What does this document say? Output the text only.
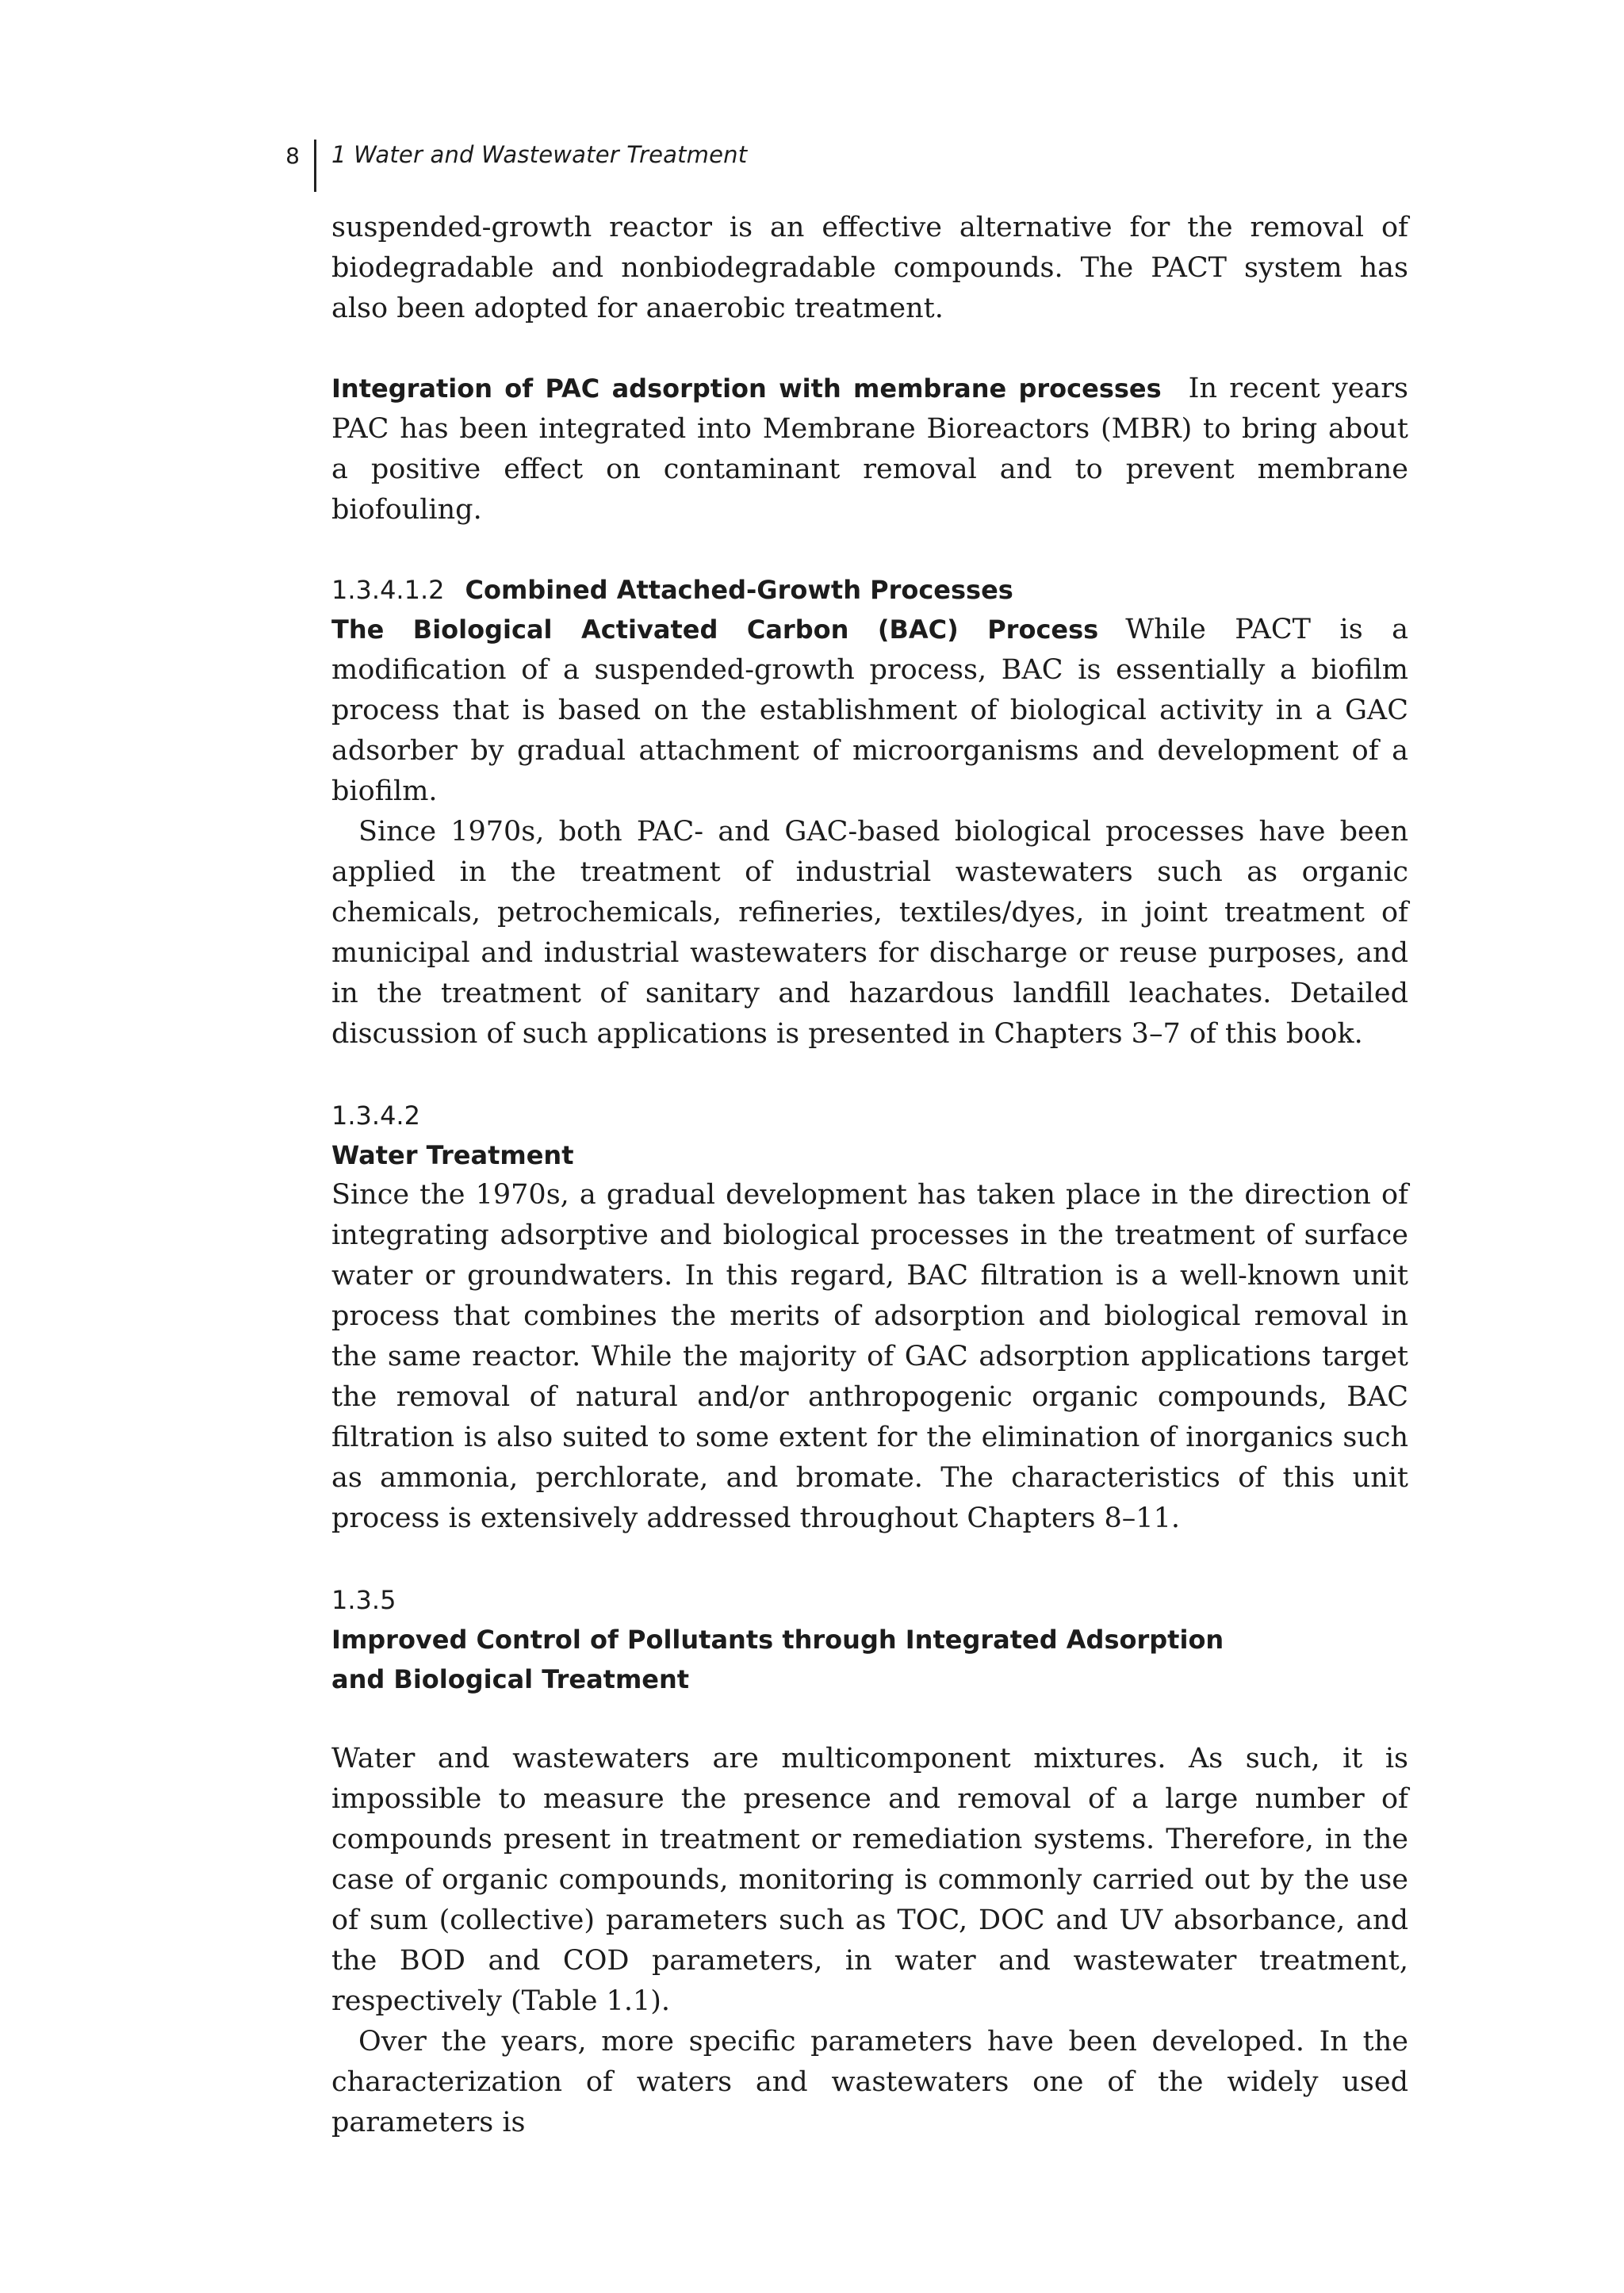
8 1 Water and Wastewater Treatment

suspended-growth reactor is an effective alternative for the removal of biodegradable and nonbiodegradable compounds. The PACT system has also been adopted for anaerobic treatment.

Integration of PAC adsorption with membrane processes In recent years PAC has been integrated into Membrane Bioreactors (MBR) to bring about a positive effect on contaminant removal and to prevent membrane biofouling.

1.3.4.1.2 Combined Attached-Growth Processes

The Biological Activated Carbon (BAC) Process While PACT is a modification of a suspended-growth process, BAC is essentially a biofilm process that is based on the establishment of biological activity in a GAC adsorber by gradual attachment of microorganisms and development of a biofilm.

Since 1970s, both PAC- and GAC-based biological processes have been applied in the treatment of industrial wastewaters such as organic chemicals, petrochemicals, refineries, textiles/dyes, in joint treatment of municipal and industrial wastewaters for discharge or reuse purposes, and in the treatment of sanitary and hazardous landfill leachates. Detailed discussion of such applications is presented in Chapters 3–7 of this book.

1.3.4.2
Water Treatment

Since the 1970s, a gradual development has taken place in the direction of integrating adsorptive and biological processes in the treatment of surface water or groundwaters. In this regard, BAC filtration is a well-known unit process that combines the merits of adsorption and biological removal in the same reactor. While the majority of GAC adsorption applications target the removal of natural and/or anthropogenic organic compounds, BAC filtration is also suited to some extent for the elimination of inorganics such as ammonia, perchlorate, and bromate. The characteristics of this unit process is extensively addressed throughout Chapters 8–11.

1.3.5
Improved Control of Pollutants through Integrated Adsorption
and Biological Treatment

Water and wastewaters are multicomponent mixtures. As such, it is impossible to measure the presence and removal of a large number of compounds present in treatment or remediation systems. Therefore, in the case of organic compounds, monitoring is commonly carried out by the use of sum (collective) parameters such as TOC, DOC and UV absorbance, and the BOD and COD parameters, in water and wastewater treatment, respectively (Table 1.1).

Over the years, more specific parameters have been developed. In the characterization of waters and wastewaters one of the widely used parameters is
